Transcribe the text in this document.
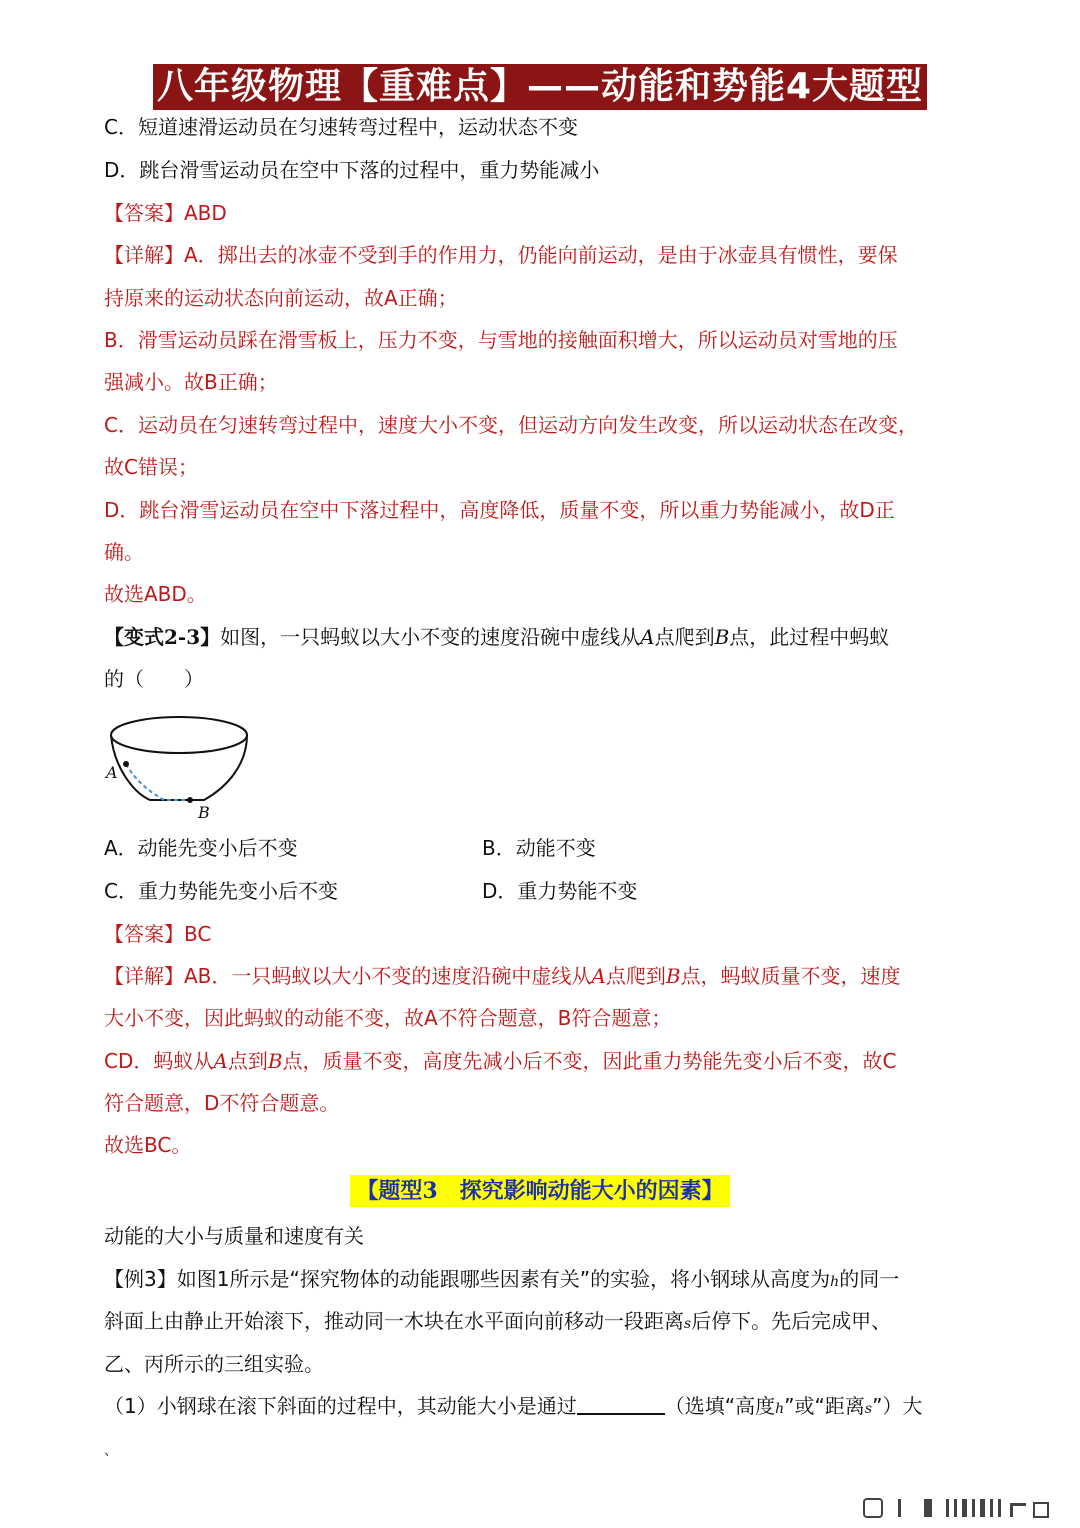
八年级物理【重难点】——动能和势能4大题型
C．短道速滑运动员在匀速转弯过程中，运动状态不变
D．跳台滑雪运动员在空中下落的过程中，重力势能减小
【答案】ABD
【详解】A．掷出去的冰壶不受到手的作用力，仍能向前运动，是由于冰壶具有惯性，要保
持原来的运动状态向前运动，故A正确；
B．滑雪运动员踩在滑雪板上，压力不变，与雪地的接触面积增大，所以运动员对雪地的压
强减小。故B正确；
C．运动员在匀速转弯过程中，速度大小不变，但运动方向发生改变，所以运动状态在改变，
故C错误；
D．跳台滑雪运动员在空中下落过程中，高度降低，质量不变，所以重力势能减小，故D正
确。
故选ABD。
【变式2-3】如图，一只蚂蚁以大小不变的速度沿碗中虚线从A点爬到B点，此过程中蚂蚁
的（　　）
A
B
A．动能先变小后不变	B．动能不变
C．重力势能先变小后不变	D．重力势能不变
【答案】BC
【详解】AB．一只蚂蚁以大小不变的速度沿碗中虚线从A点爬到B点，蚂蚁质量不变，速度
大小不变，因此蚂蚁的动能不变，故A不符合题意，B符合题意；
CD．蚂蚁从A点到B点，质量不变，高度先减小后不变，因此重力势能先变小后不变，故C
符合题意，D不符合题意。
故选BC。
【题型3　探究影响动能大小的因素】
动能的大小与质量和速度有关
【例3】如图1所示是“探究物体的动能跟哪些因素有关”的实验，将小钢球从高度为h的同一
斜面上由静止开始滚下，推动同一木块在水平面向前移动一段距离s后停下。先后完成甲、
乙、丙所示的三组实验。
（1）小钢球在滚下斜面的过程中，其动能大小是通过	（选填“高度h”或“距离s”）大
、
